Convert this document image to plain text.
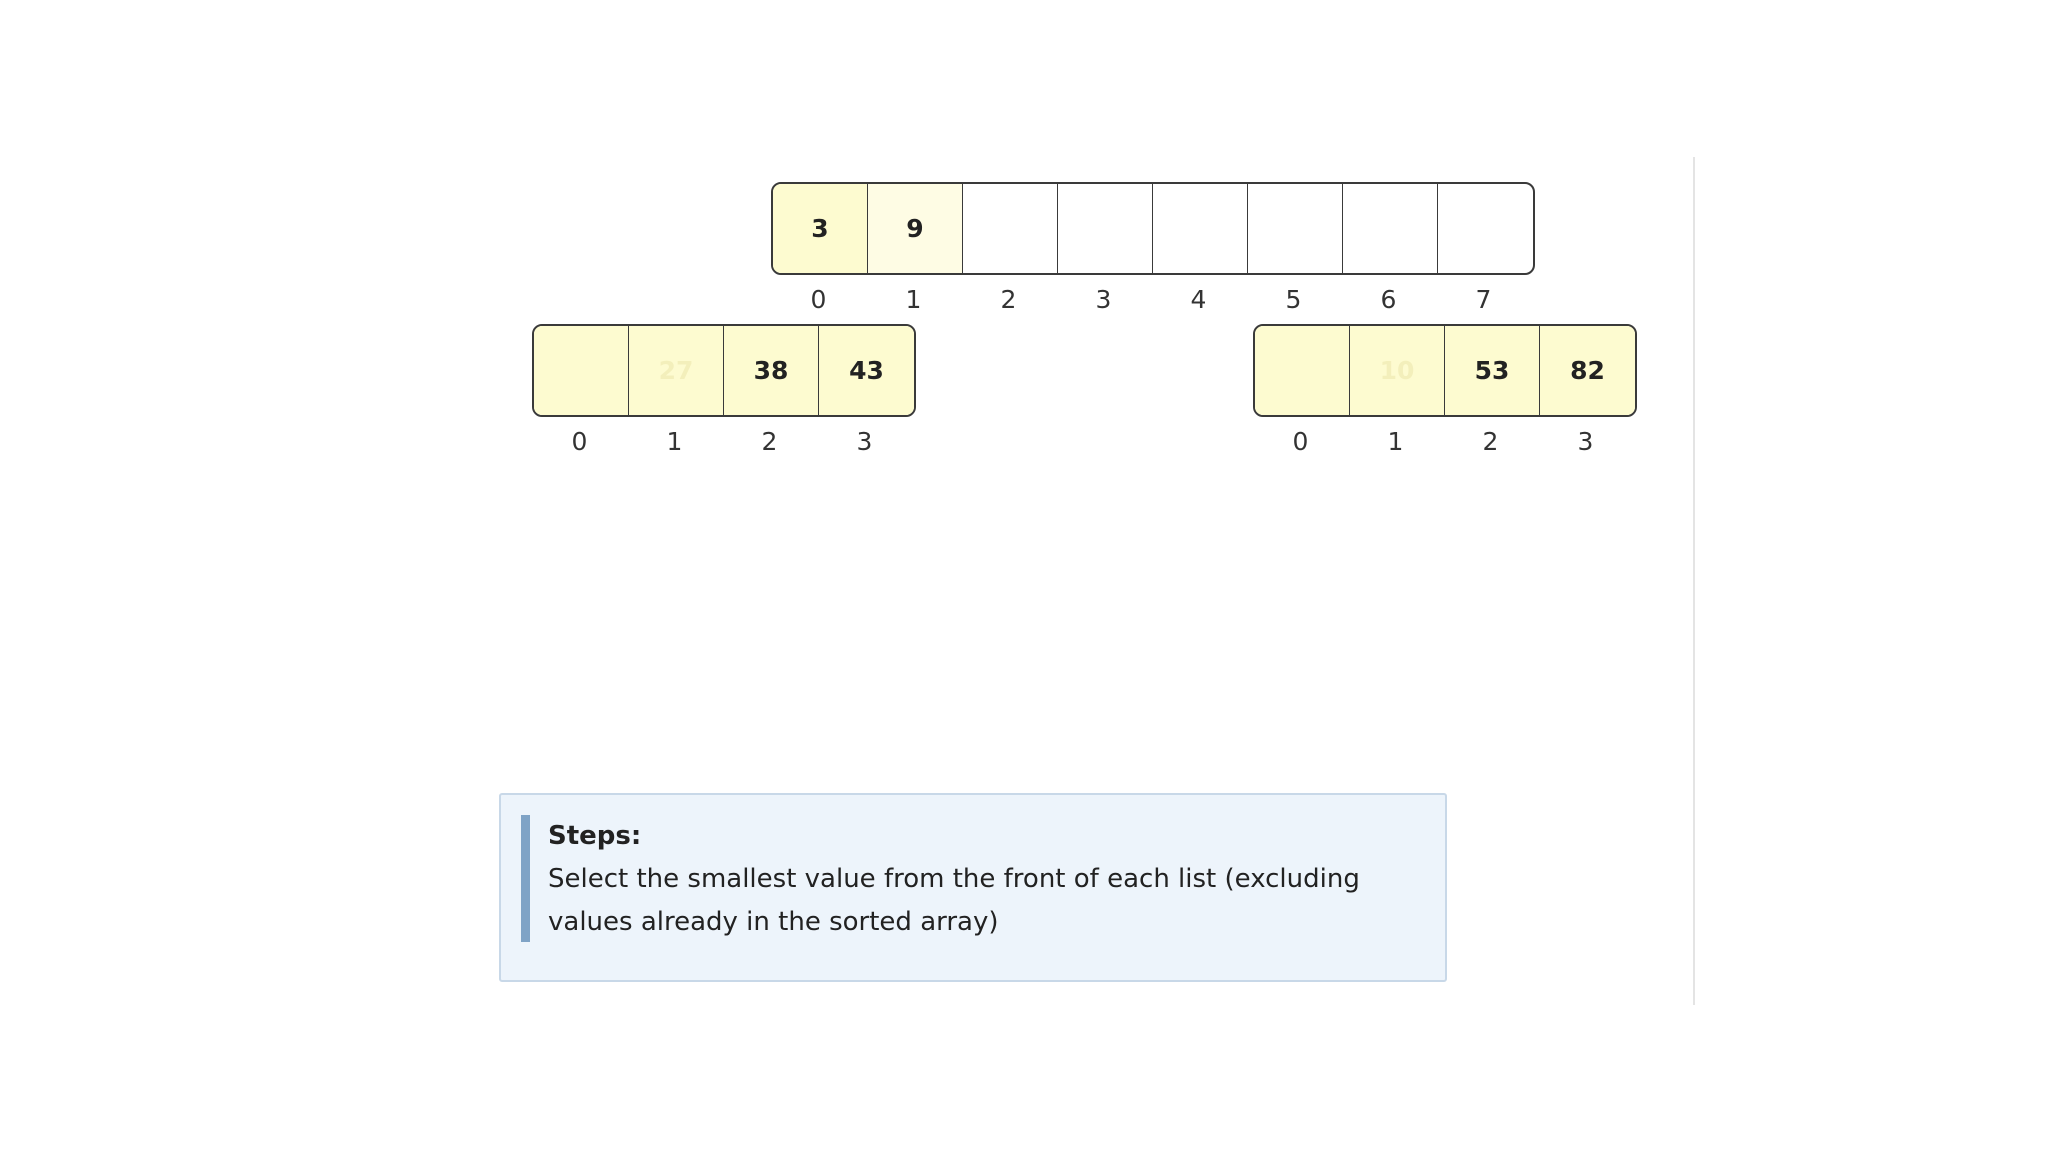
3	9
0	1	2	3	4	5	6	7
27	38	43
0	1	2	3
10	53	82
0	1	2	3
Steps:
Select the smallest value from the front of each list (excluding values already in the sorted array)
